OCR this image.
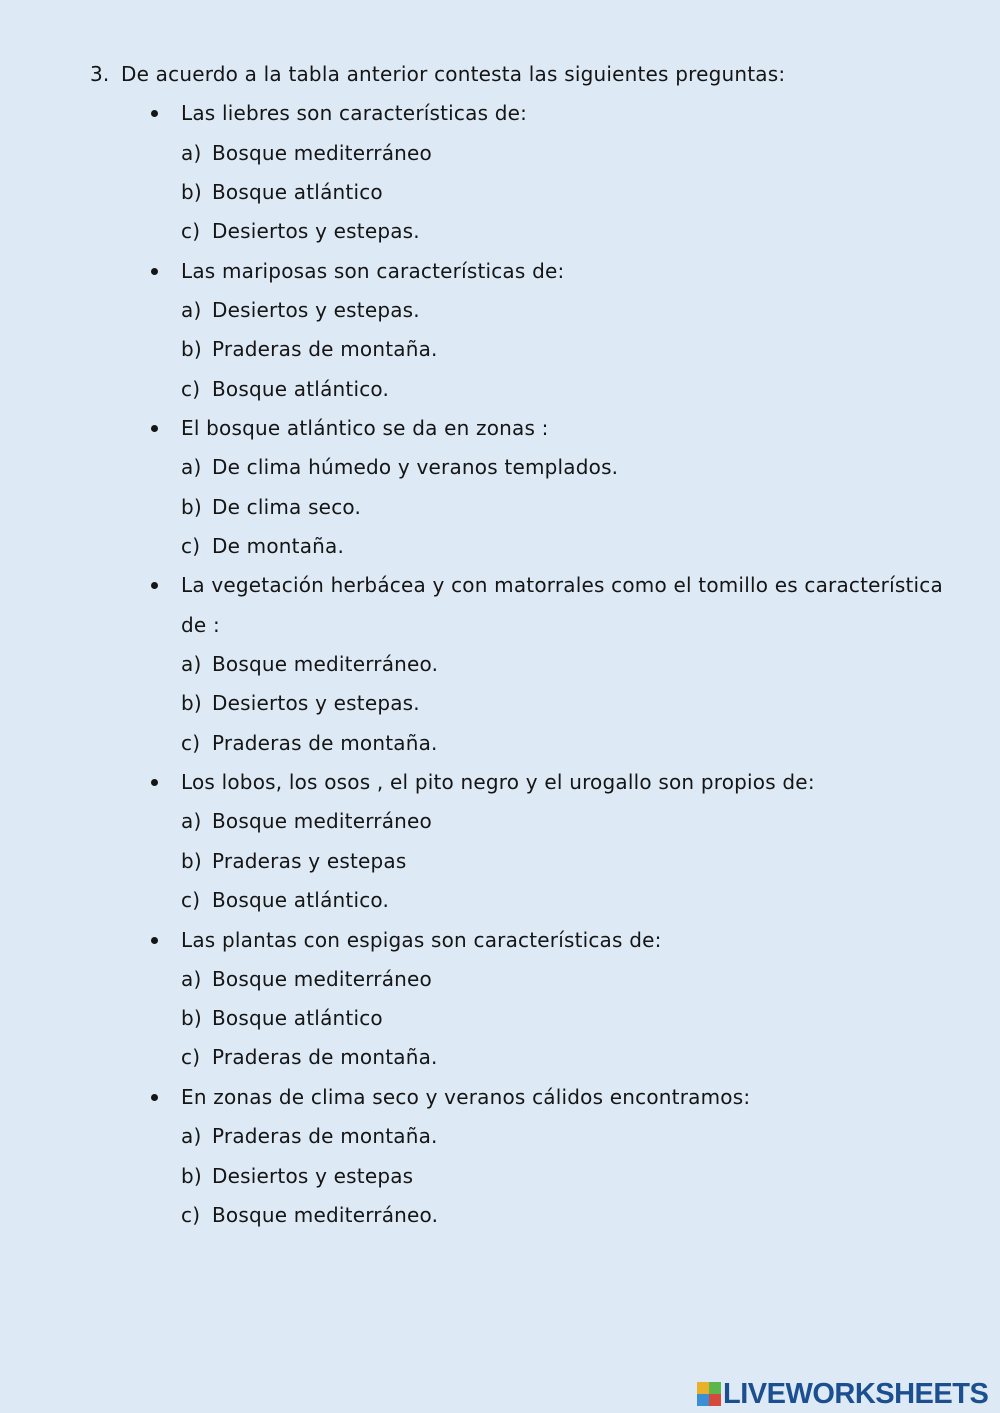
3. De acuerdo a la tabla anterior contesta las siguientes preguntas:
Las liebres son características de:
a) Bosque mediterráneo
b) Bosque atlántico
c) Desiertos y estepas.
Las mariposas son características de:
a) Desiertos y estepas.
b) Praderas de montaña.
c) Bosque atlántico.
El bosque atlántico se da en zonas :
a) De clima húmedo y veranos templados.
b) De clima seco.
c) De montaña.
La vegetación herbácea y con matorrales como el tomillo es característica
de :
a) Bosque mediterráneo.
b) Desiertos y estepas.
c) Praderas de montaña.
Los lobos, los osos , el pito negro y el urogallo son propios de:
a) Bosque mediterráneo
b) Praderas y estepas
c) Bosque atlántico.
Las plantas con espigas son características de:
a) Bosque mediterráneo
b) Bosque atlántico
c) Praderas de montaña.
En zonas de clima seco y veranos cálidos encontramos:
a) Praderas de montaña.
b) Desiertos y estepas
c) Bosque mediterráneo.
LIVEWORKSHEETS
